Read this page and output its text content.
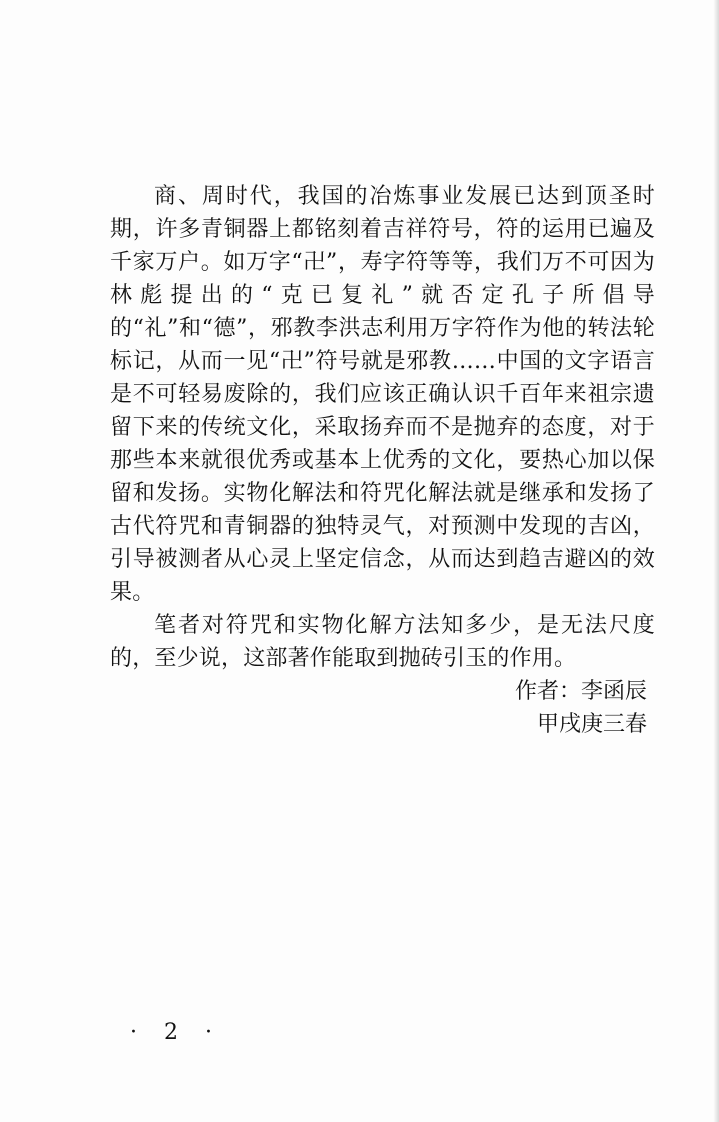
商、周时代，我国的冶炼事业发展已达到顶圣时期，许多青铜器上都铭刻着吉祥符号，符的运用已遍及千家万户。如万字“卍”，寿字符等等，我们万不可因为林彪提出的“克已复礼”就否定孔子所倡导的“礼”和“德”，邪教李洪志利用万字符作为他的转法轮标记，从而一见“卍”符号就是邪教……中国的文字语言是不可轻易废除的，我们应该正确认识千百年来祖宗遗留下来的传统文化，采取扬弃而不是抛弃的态度，对于那些本来就很优秀或基本上优秀的文化，要热心加以保留和发扬。实物化解法和符咒化解法就是继承和发扬了古代符咒和青铜器的独特灵气，对预测中发现的吉凶，引导被测者从心灵上坚定信念，从而达到趋吉避凶的效果。

笔者对符咒和实物化解方法知多少，是无法尺度的，至少说，这部著作能取到抛砖引玉的作用。

作者：李函辰

甲戌庚三春

· 2 ·
